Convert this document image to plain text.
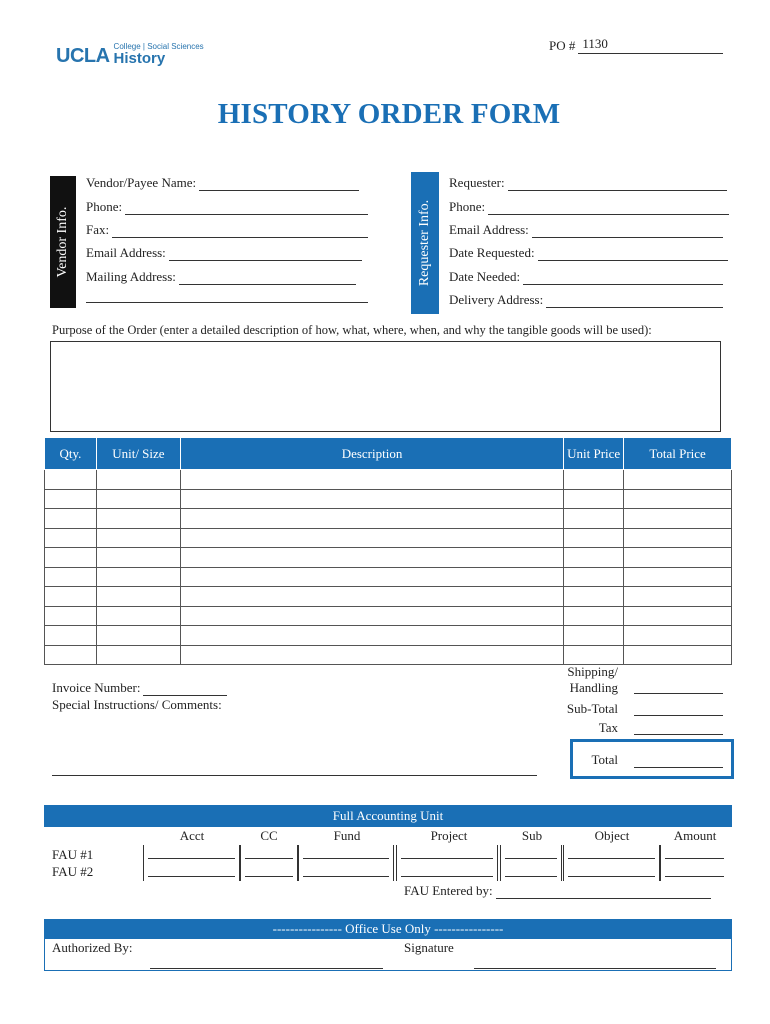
UCLA College | Social Sciences
History
PO # 1130
HISTORY ORDER FORM
Vendor Info.
Vendor/Payee Name:
Phone:
Fax:
Email Address:
Mailing Address:	Requester Info.
Requester:
Phone:
Email Address:
Date Requested:
Date Needed:
Delivery Address:
Purpose of the Order (enter a detailed description of how, what, where, when, and why the tangible goods will be used):
Qty.	Unit/ Size	Description	Unit Price	Total Price

Invoice Number:
Special Instructions/ Comments:
Shipping/ Handling
Sub-Total
Tax
Total
Full Accounting Unit
Acct	CC	Fund	Project	Sub	Object	Amount
FAU #1
FAU #2
FAU Entered by:
---------------- Office Use Only ----------------
Authorized By:	Signature
